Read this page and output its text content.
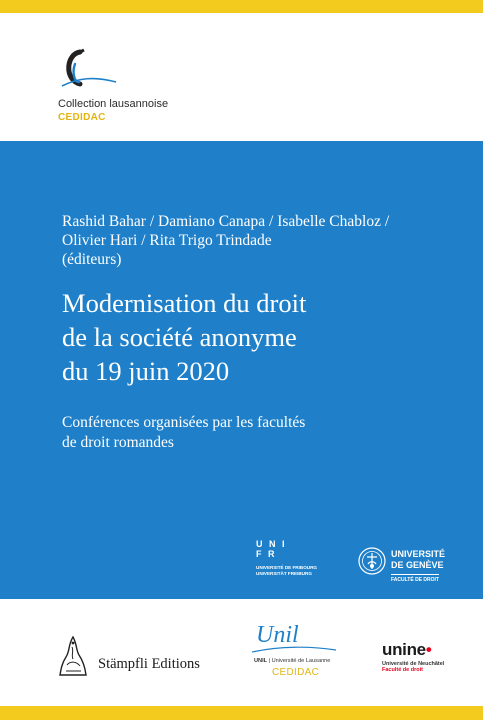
Collection lausannoise
CEDIDAC
Rashid Bahar / Damiano Canapa / Isabelle Chabloz /
Olivier Hari / Rita Trigo Trindade
(éditeurs)
Modernisation du droit
de la société anonyme
du 19 juin 2020
Conférences organisées par les facultés
de droit romandes
U N I
F R
UNIVERSITÉ DE FRIBOURG
UNIVERSITÄT FREIBURG
UNIVERSITÉ
DE GENÈVE
FACULTÉ DE DROIT
Stämpfli Editions
Unil
UNIL | Université de Lausanne
CEDIDAC
unine•
Université de Neuchâtel
Faculté de droit
